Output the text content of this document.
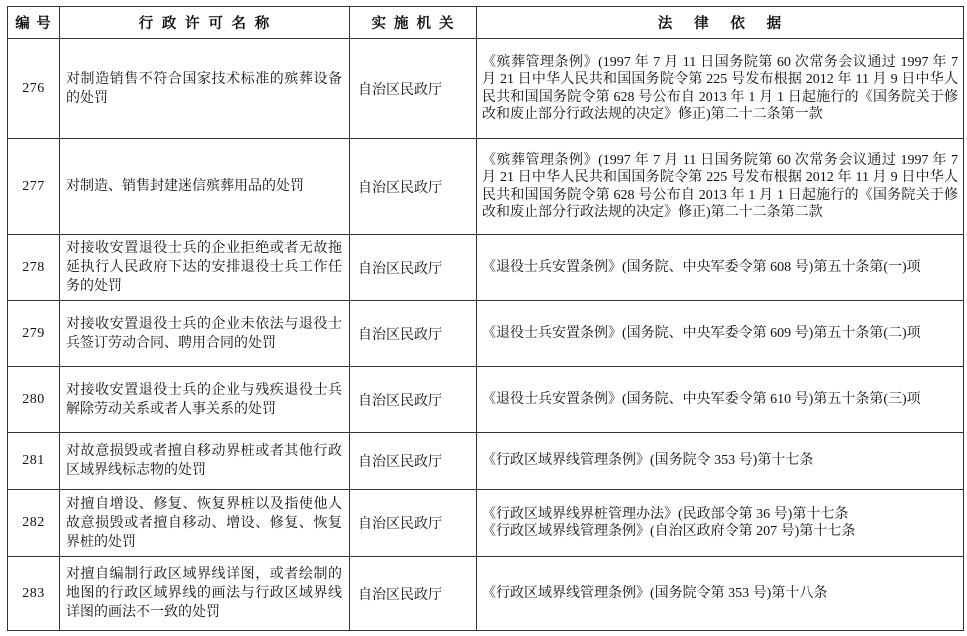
编号	行政许可名称	实施机关	法律依据
276	对制造销售不符合国家技术标准的殡葬设备的处罚	自治区民政厅	《殡葬管理条例》(1997 年 7 月 11 日国务院第 60 次常务会议通过 1997 年 7 月 21 日中华人民共和国国务院令第 225 号发布根据 2012 年 11 月 9 日中华人民共和国国务院令第 628 号公布自 2013 年 1 月 1 日起施行的《国务院关于修改和废止部分行政法规的决定》修正)第二十二条第一款

277	对制造、销售封建迷信殡葬用品的处罚	自治区民政厅	《殡葬管理条例》(1997 年 7 月 11 日国务院第 60 次常务会议通过 1997 年 7 月 21 日中华人民共和国国务院令第 225 号发布根据 2012 年 11 月 9 日中华人民共和国国务院令第 628 号公布自 2013 年 1 月 1 日起施行的《国务院关于修改和废止部分行政法规的决定》修正)第二十二条第二款

278	对接收安置退役士兵的企业拒绝或者无故拖延执行人民政府下达的安排退役士兵工作任务的处罚	自治区民政厅	《退役士兵安置条例》(国务院、中央军委令第 608 号)第五十条第(一)项

279	对接收安置退役士兵的企业未依法与退役士兵签订劳动合同、聘用合同的处罚	自治区民政厅	《退役士兵安置条例》(国务院、中央军委令第 609 号)第五十条第(二)项

280	对接收安置退役士兵的企业与残疾退役士兵解除劳动关系或者人事关系的处罚	自治区民政厅	《退役士兵安置条例》(国务院、中央军委令第 610 号)第五十条第(三)项

281	对故意损毁或者擅自移动界桩或者其他行政区域界线标志物的处罚	自治区民政厅	《行政区域界线管理条例》(国务院令 353 号)第十七条

282	对擅自增设、修复、恢复界桩以及指使他人故意损毁或者擅自移动、增设、修复、恢复界桩的处罚	自治区民政厅	《行政区域界线界桩管理办法》(民政部令第 36 号)第十七条
《行政区域界线管理条例》(自治区政府令第 207 号)第十七条

283	对擅自编制行政区域界线详图，或者绘制的地图的行政区域界线的画法与行政区域界线详图的画法不一致的处罚	自治区民政厅	《行政区域界线管理条例》(国务院令第 353 号)第十八条
